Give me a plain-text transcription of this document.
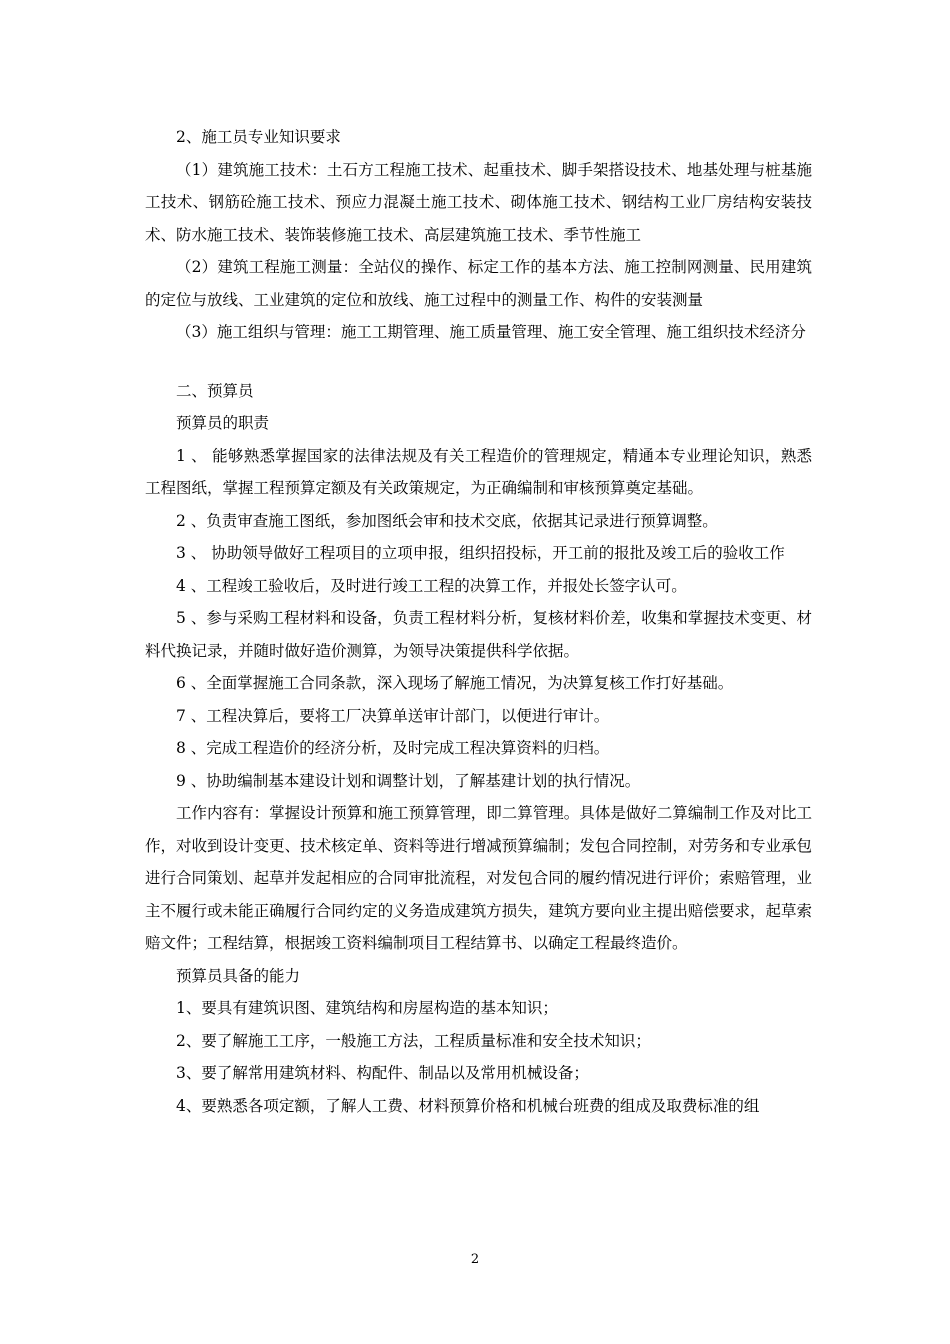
2、施工员专业知识要求

（1）建筑施工技术：土石方工程施工技术、起重技术、脚手架搭设技术、地基处理与桩基施工技术、钢筋砼施工技术、预应力混凝土施工技术、砌体施工技术、钢结构工业厂房结构安装技术、防水施工技术、装饰装修施工技术、高层建筑施工技术、季节性施工

（2）建筑工程施工测量：全站仪的操作、标定工作的基本方法、施工控制网测量、民用建筑的定位与放线、工业建筑的定位和放线、施工过程中的测量工作、构件的安装测量

（3）施工组织与管理：施工工期管理、施工质量管理、施工安全管理、施工组织技术经济分

二、预算员

预算员的职责

1 、 能够熟悉掌握国家的法律法规及有关工程造价的管理规定，精通本专业理论知识，熟悉工程图纸，掌握工程预算定额及有关政策规定，为正确编制和审核预算奠定基础。

2 、负责审查施工图纸，参加图纸会审和技术交底，依据其记录进行预算调整。

3 、 协助领导做好工程项目的立项申报，组织招投标，开工前的报批及竣工后的验收工作

4 、工程竣工验收后，及时进行竣工工程的决算工作，并报处长签字认可。

5 、参与采购工程材料和设备，负责工程材料分析，复核材料价差，收集和掌握技术变更、材料代换记录，并随时做好造价测算，为领导决策提供科学依据。

6 、全面掌握施工合同条款，深入现场了解施工情况，为决算复核工作打好基础。

7 、工程决算后，要将工厂决算单送审计部门，以便进行审计。

8 、完成工程造价的经济分析，及时完成工程决算资料的归档。

9 、协助编制基本建设计划和调整计划，了解基建计划的执行情况。

工作内容有：掌握设计预算和施工预算管理，即二算管理。具体是做好二算编制工作及对比工作，对收到设计变更、技术核定单、资料等进行增减预算编制；发包合同控制，对劳务和专业承包进行合同策划、起草并发起相应的合同审批流程，对发包合同的履约情况进行评价；索赔管理，业主不履行或未能正确履行合同约定的义务造成建筑方损失，建筑方要向业主提出赔偿要求，起草索赔文件；工程结算，根据竣工资料编制项目工程结算书、以确定工程最终造价。

预算员具备的能力

1、要具有建筑识图、建筑结构和房屋构造的基本知识；

2、要了解施工工序，一般施工方法，工程质量标准和安全技术知识；

3、要了解常用建筑材料、构配件、制品以及常用机械设备；

4、要熟悉各项定额，了解人工费、材料预算价格和机械台班费的组成及取费标准的组

2
